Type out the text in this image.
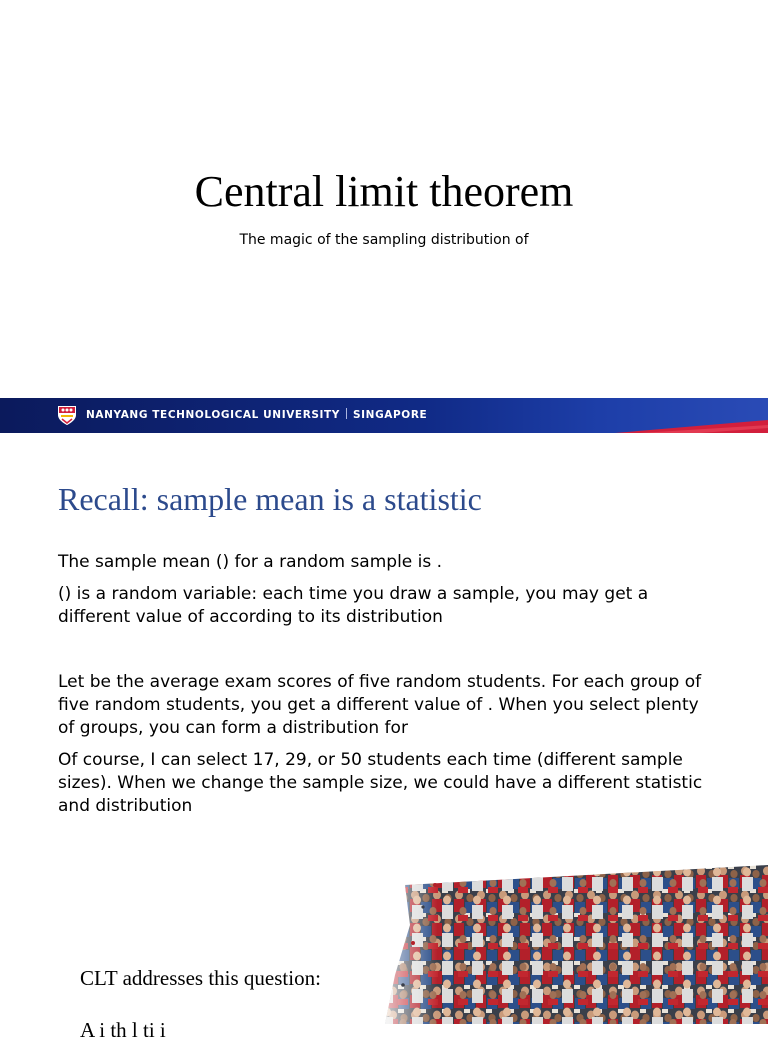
Central limit theorem
The magic of the sampling distribution of
NANYANG TECHNOLOGICAL UNIVERSITY SINGAPORE
Recall: sample mean is a statistic
The sample mean () for a random sample is .
() is a random variable: each time you draw a sample, you may get a different value of according to its distribution
Let be the average exam scores of five random students. For each group of five random students, you get a different value of . When you select plenty of groups, you can form a distribution for
Of course, I can select 17, 29, or 50 students each time (different sample sizes). When we change the sample size, we could have a different statistic and distribution
CLT addresses this question:
A i th l ti i
